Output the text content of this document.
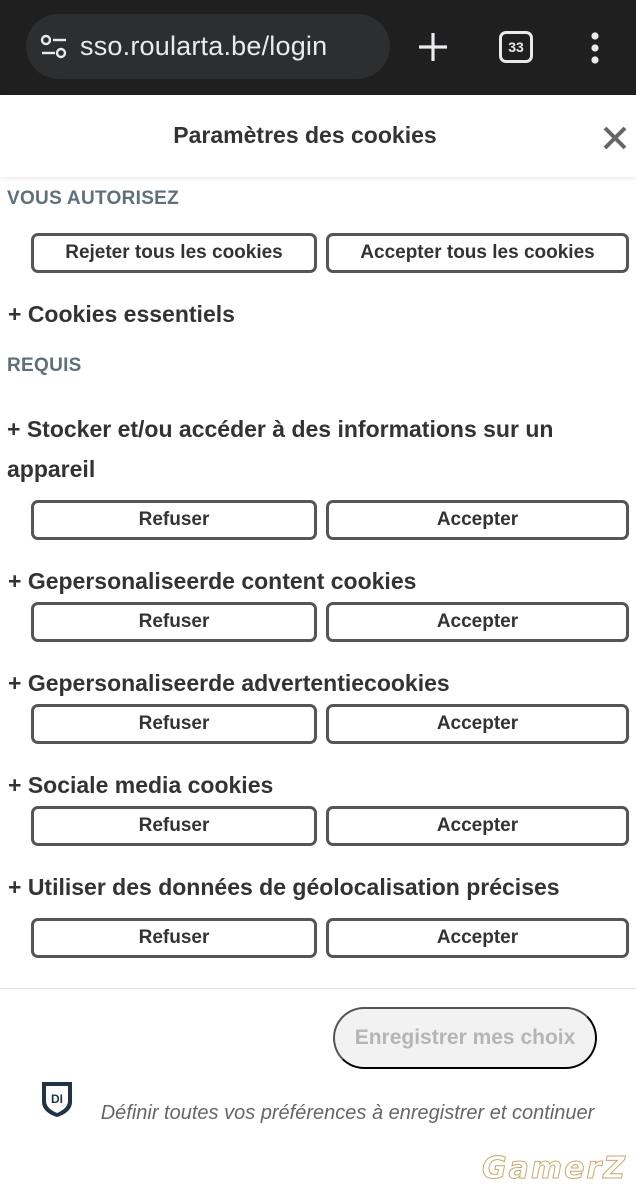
sso.roularta.be/login	33
Paramètres des cookies
VOUS AUTORISEZ
Rejeter tous les cookies	Accepter tous les cookies
+ Cookies essentiels
REQUIS
+ Stocker et/ou accéder à des informations sur un appareil
Refuser	Accepter
+ Gepersonaliseerde content cookies
Refuser	Accepter
+ Gepersonaliseerde advertentiecookies
Refuser	Accepter
+ Sociale media cookies
Refuser	Accepter
+ Utiliser des données de géolocalisation précises
Refuser	Accepter
Enregistrer mes choix
DI
Définir toutes vos préférences à enregistrer et continuer
GamerZ
